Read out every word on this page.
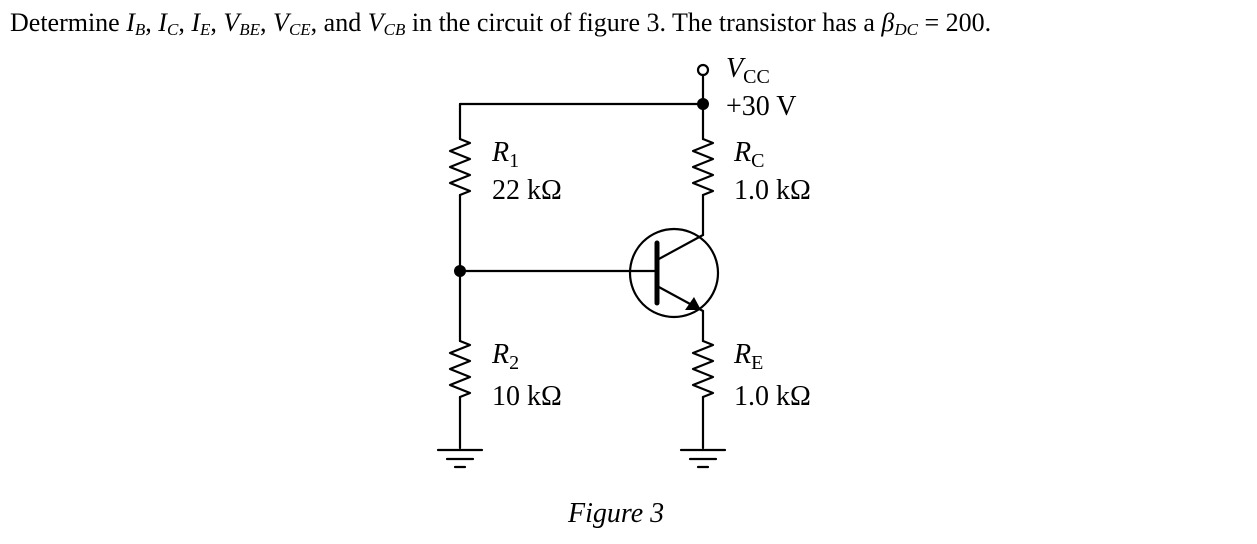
Determine $I_B$, $I_C$, $I_E$, $V_{BE}$, $V_{CE}$, and $V_{CB}$ in the circuit of figure 3. The transistor has a $\beta_{DC} = 200$.
$V_{CC}$
+30 V
$R_1$
22 kΩ
$R_C$
1.0 kΩ
$R_2$
10 kΩ
$R_E$
1.0 kΩ
Figure 3
